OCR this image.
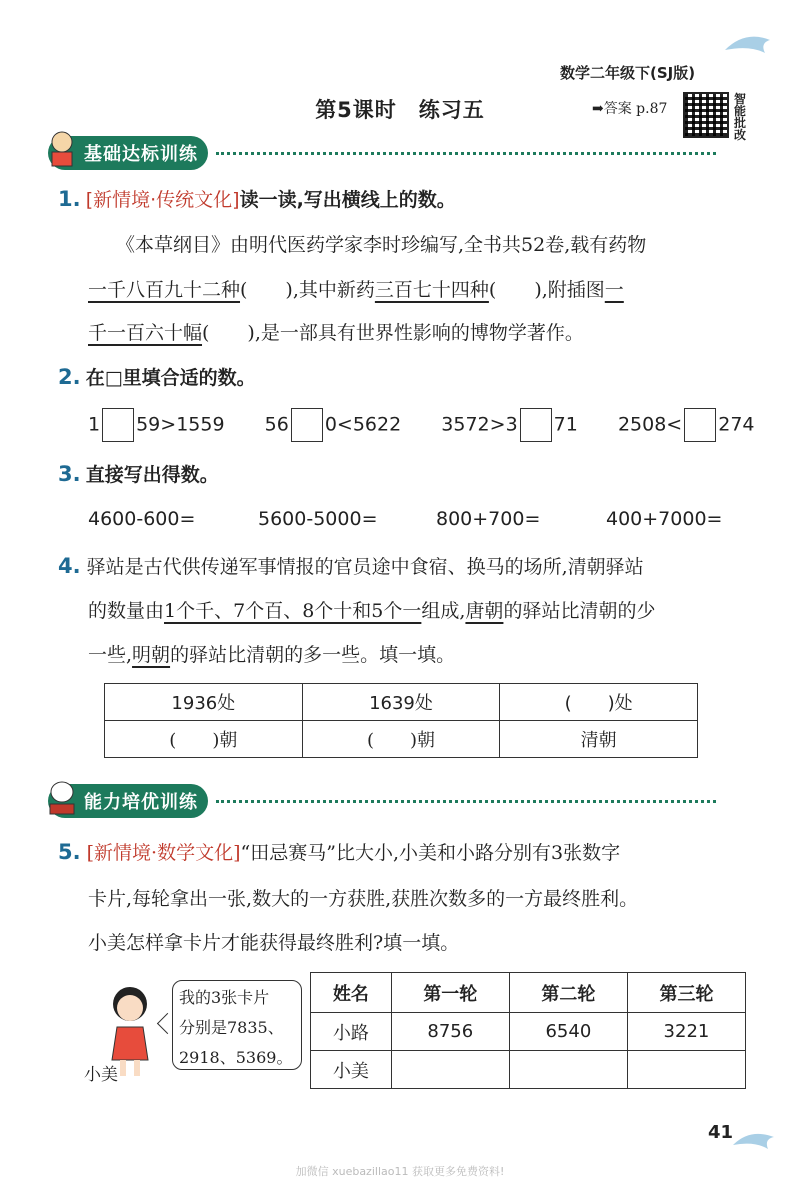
数学二年级下(SJ版)
第5课时　练习五	➡答案 p.87
智能批改
基础达标训练
1. [新情境·传统文化]读一读,写出横线上的数。
《本草纲目》由明代医药学家李时珍编写,全书共52卷,载有药物
一千八百九十二种(　　),其中新药三百七十四种(　　),附插图一
千一百六十幅(　　),是一部具有世界性影响的博物学著作。
2. 在□里填合适的数。
1 59>1559 56 0<5622 3572>3 71 2508< 274
3. 直接写出得数。
4600-600=	5600-5000=	800+700=	400+7000=
4. 驿站是古代供传递军事情报的官员途中食宿、换马的场所,清朝驿站
的数量由1个千、7个百、8个十和5个一组成,唐朝的驿站比清朝的少
一些,明朝的驿站比清朝的多一些。填一填。
1936处	1639处	(　　)处
(　　)朝	(　　)朝	清朝
能力培优训练
5. [新情境·数学文化]“田忌赛马”比大小,小美和小路分别有3张数字
卡片,每轮拿出一张,数大的一方获胜,获胜次数多的一方最终胜利。
小美怎样拿卡片才能获得最终胜利?填一填。
小美
我的3张卡片
分别是7835、
2918、5369。
姓名	第一轮	第二轮	第三轮
小路	8756	6540	3221
小美			
41
加微信 xuebazillao11 获取更多免费资料!
